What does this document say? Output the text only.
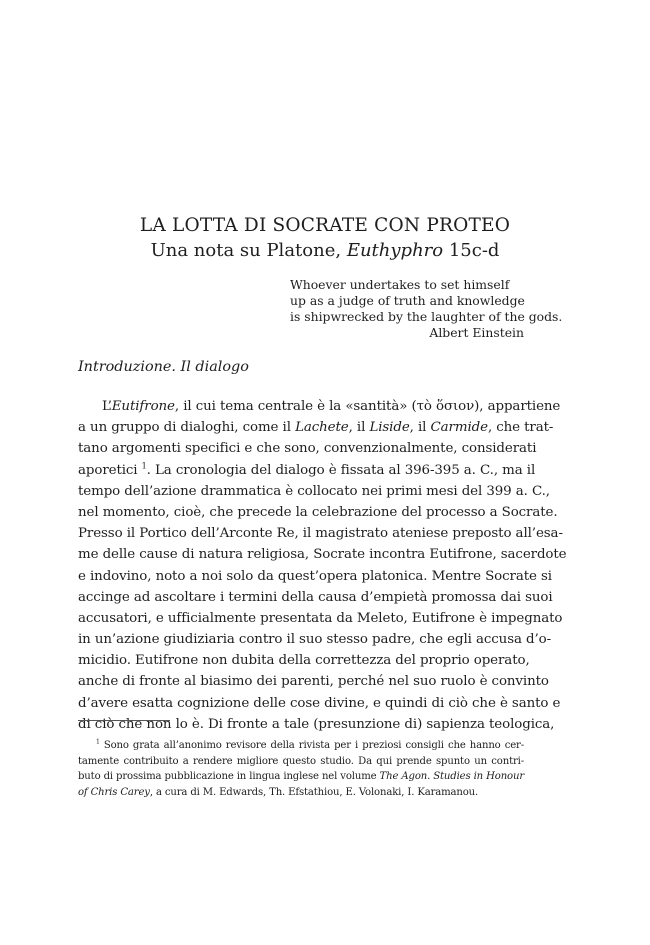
LA LOTTA DI SOCRATE CON PROTEO
Una nota su Platone, Euthyphro 15c-d
Whoever undertakes to set himself
up as a judge of truth and knowledge
is shipwrecked by the laughter of the gods.
Albert Einstein
Introduzione. Il dialogo
L’Eutifrone, il cui tema centrale è la «santità» (τὸ ὅσιον), appartiene
a un gruppo di dialoghi, come il Lachete, il Liside, il Carmide, che trat-
tano argomenti specifici e che sono, convenzionalmente, considerati
aporetici $^1$. La cronologia del dialogo è fissata al 396-395 a. C., ma il
tempo dell’azione drammatica è collocato nei primi mesi del 399 a. C.,
nel momento, cioè, che precede la celebrazione del processo a Socrate.
Presso il Portico dell’Arconte Re, il magistrato ateniese preposto all’esa-
me delle cause di natura religiosa, Socrate incontra Eutifrone, sacerdote
e indovino, noto a noi solo da quest’opera platonica. Mentre Socrate si
accinge ad ascoltare i termini della causa d’empietà promossa dai suoi
accusatori, e ufficialmente presentata da Meleto, Eutifrone è impegnato
in un’azione giudiziaria contro il suo stesso padre, che egli accusa d’o-
micidio. Eutifrone non dubita della correttezza del proprio operato,
anche di fronte al biasimo dei parenti, perché nel suo ruolo è convinto
d’avere esatta cognizione delle cose divine, e quindi di ciò che è santo e
di ciò che non lo è. Di fronte a tale (presunzione di) sapienza teologica,
$^1$ Sono grata all’anonimo revisore della rivista per i preziosi consigli che hanno cer-
tamente contribuito a rendere migliore questo studio. Da qui prende spunto un contri-
buto di prossima pubblicazione in lingua inglese nel volume The Agon. Studies in Honour
of Chris Carey, a cura di M. Edwards, Th. Efstathiou, E. Volonaki, I. Karamanou.
